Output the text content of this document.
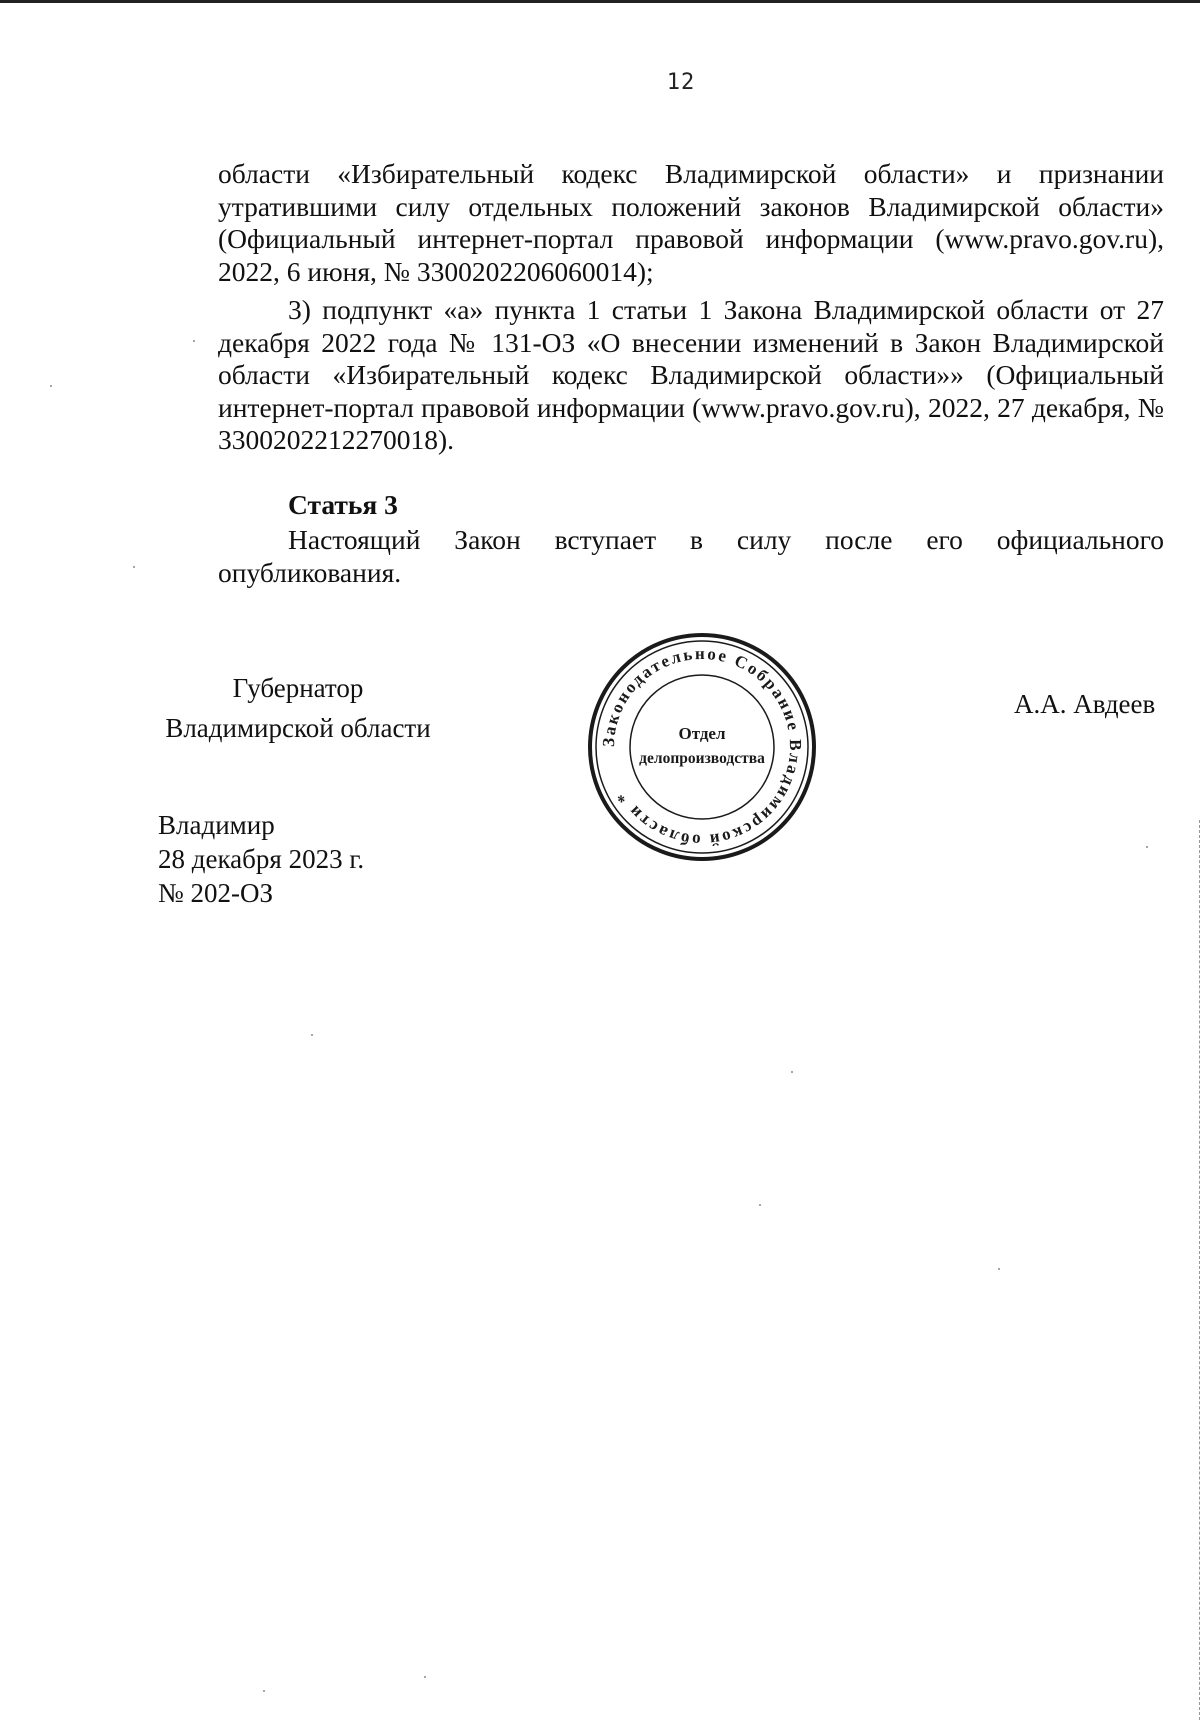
12

области «Избирательный кодекс Владимирской области» и признании утратившими силу отдельных положений законов Владимирской области» (Официальный интернет-портал правовой информации (www.pravo.gov.ru), 2022, 6 июня, № 3300202206060014);

3) подпункт «а» пункта 1 статьи 1 Закона Владимирской области от 27 декабря 2022 года № 131-ОЗ «О внесении изменений в Закон Владимирской области «Избирательный кодекс Владимирской области»» (Официальный интернет-портал правовой информации (www.pravo.gov.ru), 2022, 27 декабря, № 3300202212270018).

Статья 3

Настоящий Закон вступает в силу после его официального опубликования.

Губернатор
Владимирской области
А.А. Авдеев
Законодательное Собрание Владимирской области *
Отдел
делопроизводства
Владимир
28 декабря 2023 г.
№ 202-ОЗ
